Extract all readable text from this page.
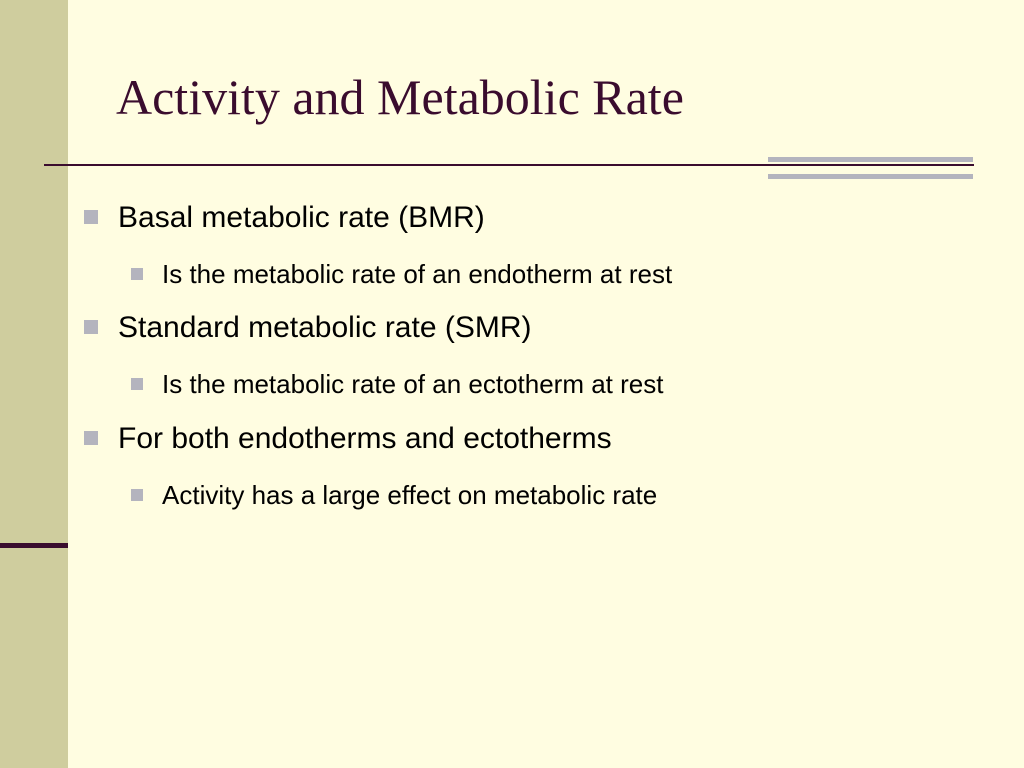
Activity and Metabolic Rate
Basal metabolic rate (BMR)
Is the metabolic rate of an endotherm at rest
Standard metabolic rate (SMR)
Is the metabolic rate of an ectotherm at rest
For both endotherms and ectotherms
Activity has a large effect on metabolic rate
